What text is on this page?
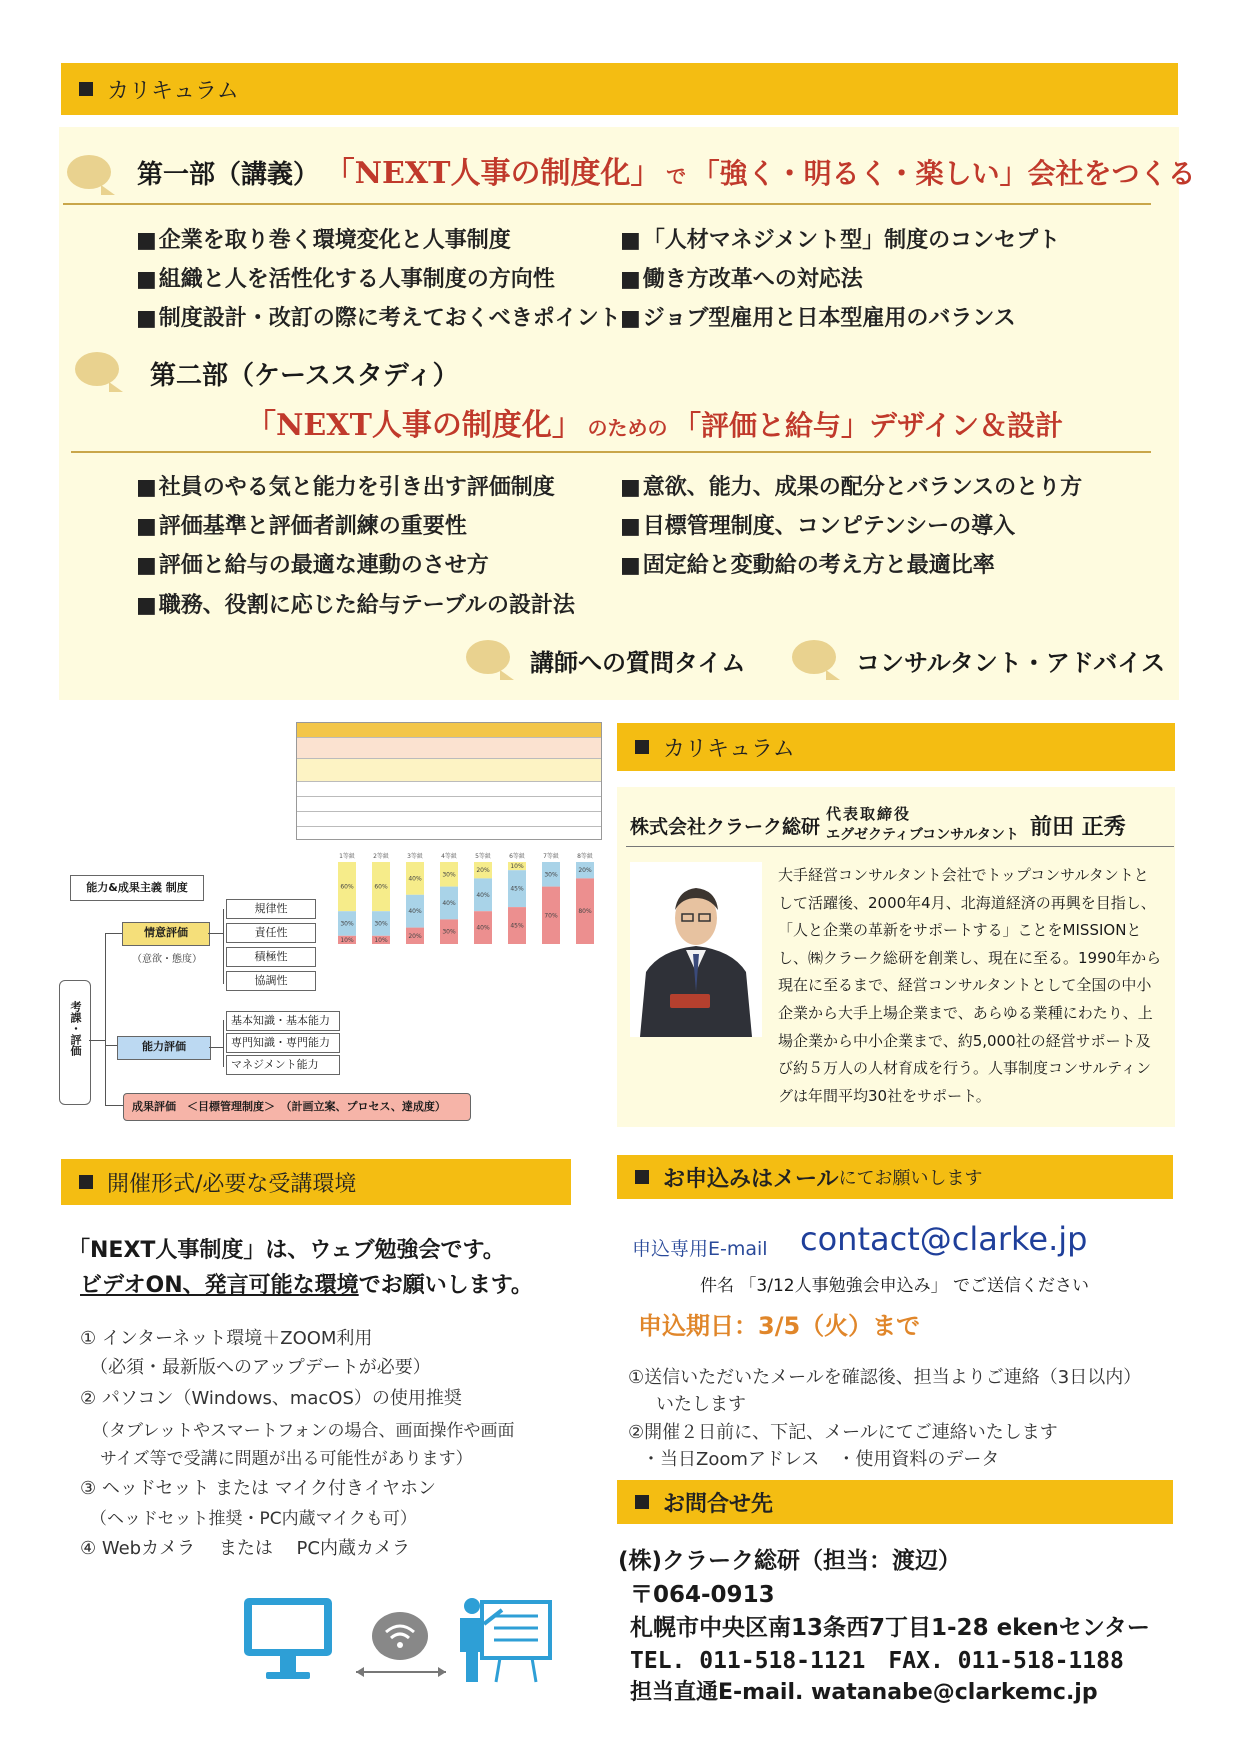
カリキュラム
第一部（講義） 「NEXT人事の制度化」 で 「強く・明るく・楽しい」会社をつくる
■ 企業を取り巻く環境変化と人事制度
■ 組織と人を活性化する人事制度の方向性
■ 制度設計・改訂の際に考えておくべきポイント
■ 「人材マネジメント型」制度のコンセプト
■ 働き方改革への対応法
■ ジョブ型雇用と日本型雇用のバランス
第二部（ケーススタディ）
「NEXT人事の制度化」 のための 「評価と給与」デザイン＆設計
■ 社員のやる気と能力を引き出す評価制度
■ 評価基準と評価者訓練の重要性
■ 評価と給与の最適な連動のさせ方
■ 職務、役割に応じた給与テーブルの設計法
■ 意欲、能力、成果の配分とバランスのとり方
■ 目標管理制度、コンピテンシーの導入
■ 固定給と変動給の考え方と最適比率
講師への質問タイム	コンサルタント・アドバイス
1等級
60%
30%
10%
2等級
60%
30%
10%
3等級
40%
40%
20%
4等級
30%
40%
30%
5等級
20%
40%
40%
6等級
10%
45%
45%
7等級
30%
70%
8等級
20%
80%
能力&成果主義 制度
考課・評価
情意評価
（意欲・態度）
規律性
責任性
積極性
協調性
能力評価
基本知識・基本能力
専門知識・専門能力
マネジメント能力
成果評価　＜目標管理制度＞　（計画立案、プロセス、達成度）
カリキュラム
株式会社クラーク総研
代表取締役
エグゼクティブコンサルタント 前田 正秀
大手経営コンサルタント会社でトップコンサルタントとして活躍後、2000年4月、北海道経済の再興を目指し、「人と企業の革新をサポートする」ことをMISSIONとし、㈱クラーク総研を創業し、現在に至る。1990年から現在に至るまで、経営コンサルタントとして全国の中小企業から大手上場企業まで、あらゆる業種にわたり、上場企業から中小企業まで、約5,000社の経営サポート及び約５万人の人材育成を行う。人事制度コンサルティングは年間平均30社をサポート。
開催形式/必要な受講環境
「NEXT人事制度」は、ウェブ勉強会です。
ビデオON、発言可能な環境でお願いします。
① インターネット環境＋ZOOM利用
（必須・最新版へのアップデートが必要）
② パソコン（Windows、macOS）の使用推奨
（タブレットやスマートフォンの場合、画面操作や画面
サイズ等で受講に問題が出る可能性があります）
③ ヘッドセット または マイク付きイヤホン
（ヘッドセット推奨・PC内蔵マイクも可）
④ Webカメラ　 または　 PC内蔵カメラ
お申込みはメール にてお願いします
申込専用E-mail contact@clarke.jp
件名 「3/12人事勉強会申込み」 でご送信ください
申込期日：3/5（火）まで
①送信いただいたメールを確認後、担当よりご連絡（3日以内）
いたします
②開催２日前に、下記、メールにてご連絡いたします
・当日Zoomアドレス　・使用資料のデータ
お問合せ先
(株)クラーク総研（担当：渡辺）
〒064-0913
札幌市中央区南13条西7丁目1-28 ekenセンター
TEL. 011-518-1121　FAX. 011-518-1188
担当直通E-mail. watanabe@clarkemc.jp
